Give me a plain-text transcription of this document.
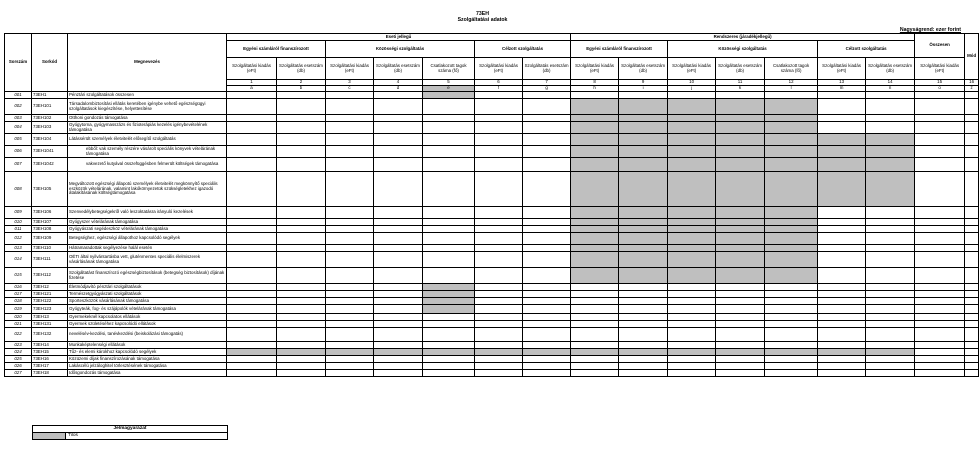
73EH
Szolgáltatási adatok
Nagyságrend: ezer forint
Sorszám	Sorkód	Megnevezés	Eseti jellegű							Rendszeres (járadékjellegű)							Összesen	Mód
			Egyéni számláról finanszírozott		Közösségi szolgáltatás			Célzott szolgáltatás		Egyéni számláról finanszírozott		Közösségi szolgáltatás			Célzott szolgáltatás			
			Szolgáltatási kiadás (eFt)	Szolgáltatás esetszám (db)	Szolgáltatási kiadás (eFt)	Szolgáltatás esetszám (db)	Csatlakozott tagok száma (fő)	Szolgáltatási kiadás (eFt)	Szolgáltatás esetszám (db)	Szolgáltatási kiadás (eFt)	Szolgáltatás esetszám (db)	Szolgáltatási kiadás (eFt)	Szolgáltatás esetszám (db)	Csatlakozott tagok száma (fő)	Szolgáltatási kiadás (eFt)	Szolgáltatás esetszám (db)	Szolgáltatási kiadás (eFt)	
			1	2	3	4	5	6	7	8	9	10	11	12	13	14	15	16
			a	b	c	d	e	f	g	h	i	j	k	l	m	n	o	z
001	73EH1	Pénztári szolgáltatások összesen																
002	73EH101	Társadalombiztosítási ellátás keretében igénybe vehető egészségügyi szolgáltatások kiegészítése, helyettesítése																
003	73EH102	Otthoni gondozás támogatása																
004	73EH103	Gyógytorna, gyógymasszázs és fizioterápiás kezelés igénybevételének támogatása																
005	73EH104	Látássérült személyek életvitelét elősegítő szolgáltatás																
006	73EH1041	ebből: vak személy részére vásárolt speciális könyvek vételárának támogatása																
007	73EH1042	vakvezető kutyával összefüggésben felmerült költségek támogatása																
008	73EH105	Megváltozott egészségi állapotú személyek életvitelét megkönnyítő speciális eszközök vételárának, valamint lakókörnyezetük szükségletekhez igazodó átalakításának költségtámogatása																
009	73EH106	Szenvedélybetegségekről való leszoktatásra irányuló kezelések																
010	73EH107	Gyógyszer vételárának támogatása																
011	73EH108	Gyógyászati segédeszköz vételárának támogatása																
012	73EH109	Betegséghez, egészségi állapothoz kapcsolódó segélyek																
013	73EH110	Hátramaradottak segélyezése halál esetén																
014	73EH111	OÉTI által nyilvántartásba vett, gluténmentes speciális élelmiszerek vásárlásának támogatása																
015	73EH112	Szolgáltatást finanszírozó egészségbiztosítások (betegség biztosítások) díjának fizetése																
016	73EH12	Életmódjavító pénztári szolgáltatások																
017	73EH121	Természetgyógyászati szolgáltatások																
018	73EH122	Sporteszközök vásárlásának támogatása																
019	73EH123	Gyógyteák, fog- és szájápolók vételárának támogatása																
020	73EH13	Gyermekeknél kapcsolatos ellátások																
021	73EH131	Gyermek születéséhez kapcsolódó ellátások																
022	73EH132	nevelésév-kezdési, tanévkezdési (beiskolázási támogatás)																
023	73EH14	Munkaképtelenségi ellátások																
024	73EH15	Tűz- és elemi károkhoz kapcsolódó segélyek																
025	73EH16	Közüzemi díjak finanszírozásának támogatása																
026	73EH17	Lakáscélú jelzáloghitel törlesztésének támogatása																
027	73EH18	Idősgondozás támogatása																
Jelmagyarázat
	Tilos
